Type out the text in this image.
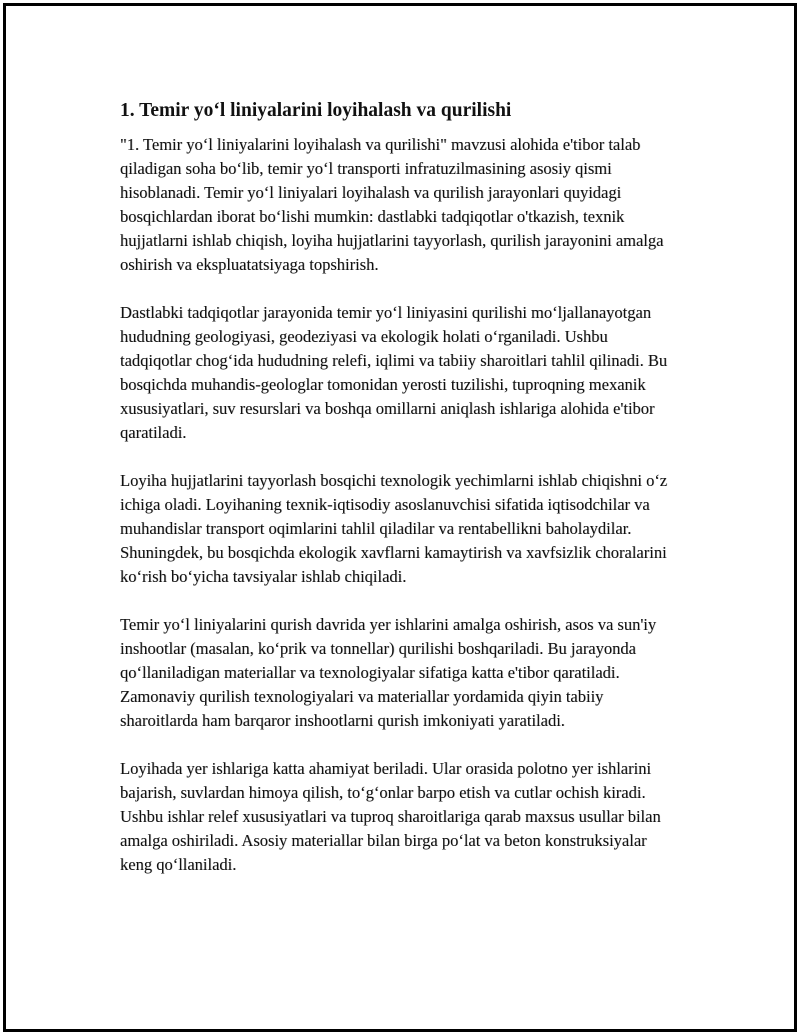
1. Temir yo‘l liniyalarini loyihalash va qurilishi

"1. Temir yo‘l liniyalarini loyihalash va qurilishi" mavzusi alohida e'tibor talab qiladigan soha bo‘lib, temir yo‘l transporti infratuzilmasining asosiy qismi hisoblanadi. Temir yo‘l liniyalari loyihalash va qurilish jarayonlari quyidagi bosqichlardan iborat bo‘lishi mumkin: dastlabki tadqiqotlar o'tkazish, texnik hujjatlarni ishlab chiqish, loyiha hujjatlarini tayyorlash, qurilish jarayonini amalga oshirish va ekspluatatsiyaga topshirish.

Dastlabki tadqiqotlar jarayonida temir yo‘l liniyasini qurilishi mo‘ljallanayotgan hududning geologiyasi, geodeziyasi va ekologik holati o‘rganiladi. Ushbu tadqiqotlar chog‘ida hududning relefi, iqlimi va tabiiy sharoitlari tahlil qilinadi. Bu bosqichda muhandis-geologlar tomonidan yerosti tuzilishi, tuproqning mexanik xususiyatlari, suv resurslari va boshqa omillarni aniqlash ishlariga alohida e'tibor qaratiladi.

Loyiha hujjatlarini tayyorlash bosqichi texnologik yechimlarni ishlab chiqishni o‘z ichiga oladi. Loyihaning texnik-iqtisodiy asoslanuvchisi sifatida iqtisodchilar va muhandislar transport oqimlarini tahlil qiladilar va rentabellikni baholaydilar. Shuningdek, bu bosqichda ekologik xavflarni kamaytirish va xavfsizlik choralarini ko‘rish bo‘yicha tavsiyalar ishlab chiqiladi.

Temir yo‘l liniyalarini qurish davrida yer ishlarini amalga oshirish, asos va sun'iy inshootlar (masalan, ko‘prik va tonnellar) qurilishi boshqariladi. Bu jarayonda qo‘llaniladigan materiallar va texnologiyalar sifatiga katta e'tibor qaratiladi. Zamonaviy qurilish texnologiyalari va materiallar yordamida qiyin tabiiy sharoitlarda ham barqaror inshootlarni qurish imkoniyati yaratiladi.

Loyihada yer ishlariga katta ahamiyat beriladi. Ular orasida polotno yer ishlarini bajarish, suvlardan himoya qilish, to‘g‘onlar barpo etish va cutlar ochish kiradi. Ushbu ishlar relef xususiyatlari va tuproq sharoitlariga qarab maxsus usullar bilan amalga oshiriladi. Asosiy materiallar bilan birga po‘lat va beton konstruksiyalar keng qo‘llaniladi.
